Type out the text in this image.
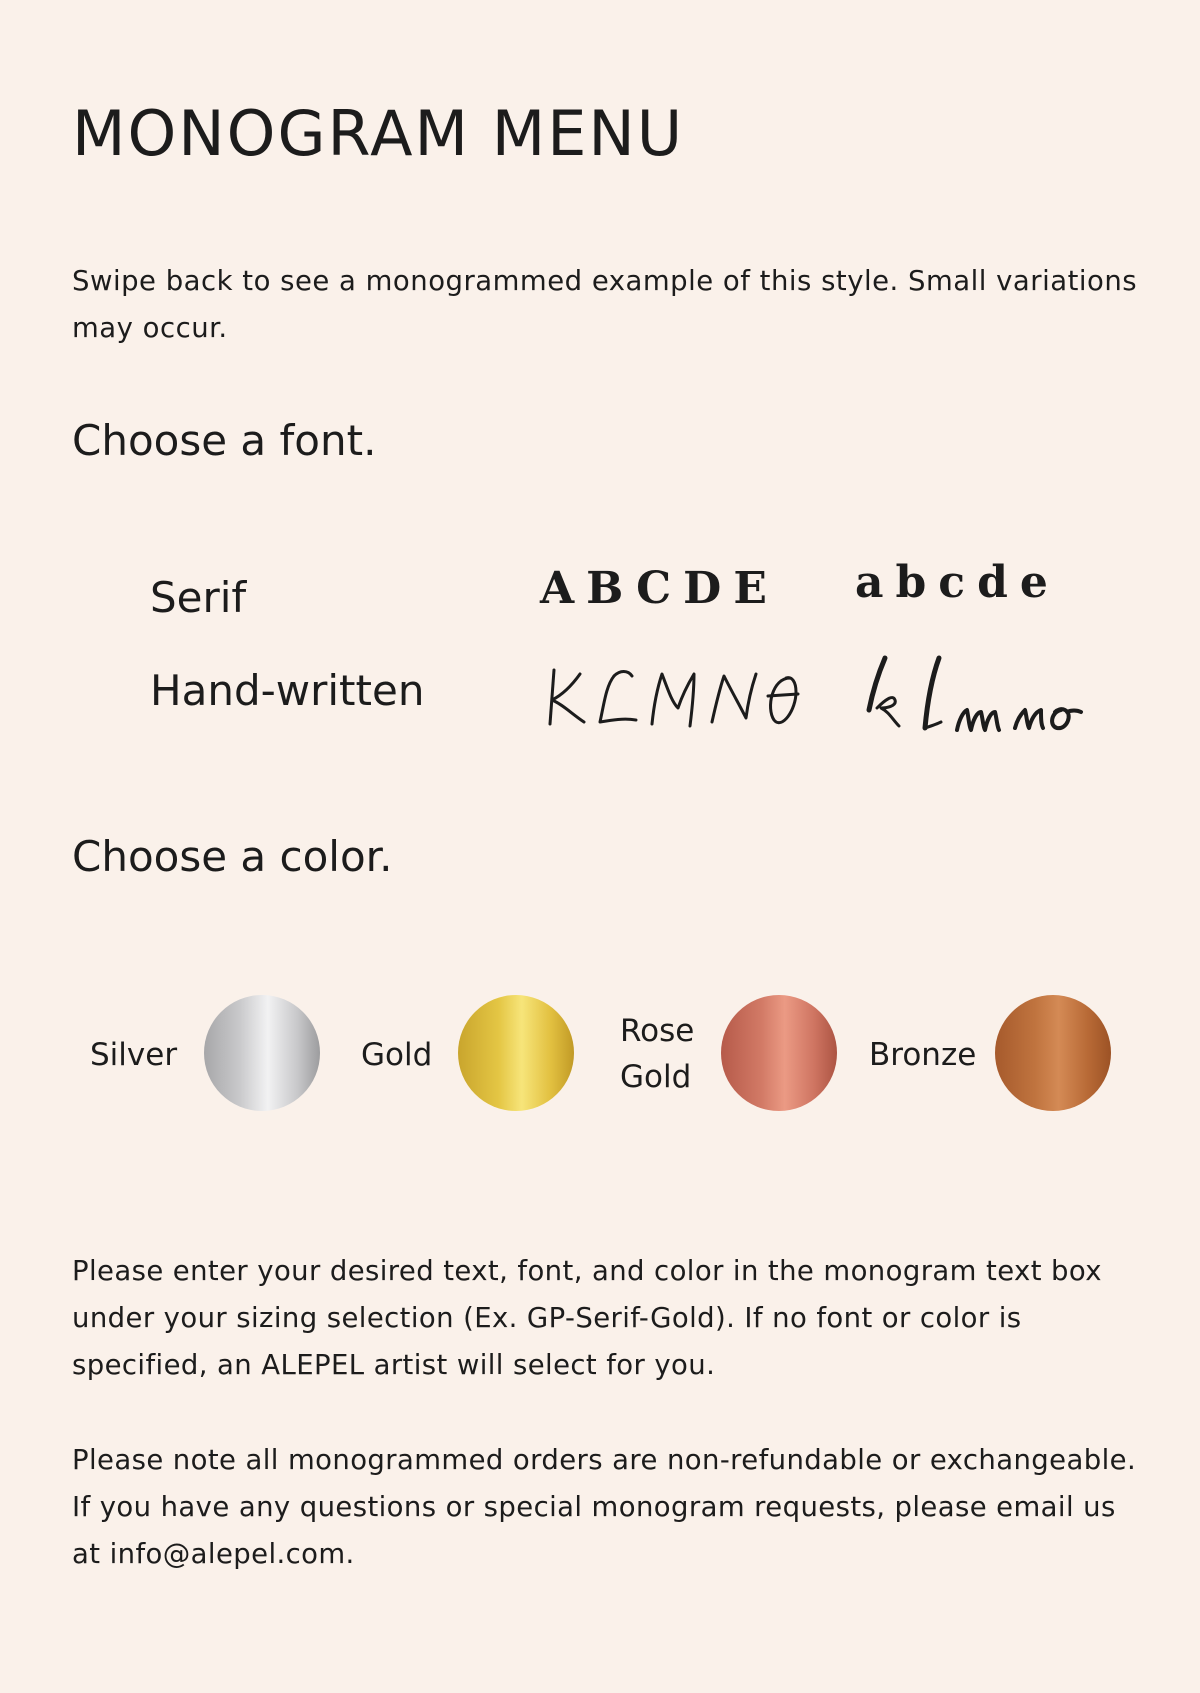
MONOGRAM MENU

Swipe back to see a monogrammed example of this style. Small variations may occur.

Choose a font.
Serif	ABCDE abcde
Hand-written
Choose a color.
Silver	Gold
Rose
Gold
Bronze

Please enter your desired text, font, and color in the monogram text box under your sizing selection (Ex. GP-Serif-Gold). If no font or color is specified, an ALEPEL artist will select for you.

Please note all monogrammed orders are non-refundable or exchangeable. If you have any questions or special monogram requests, please email us at info@alepel.com.
